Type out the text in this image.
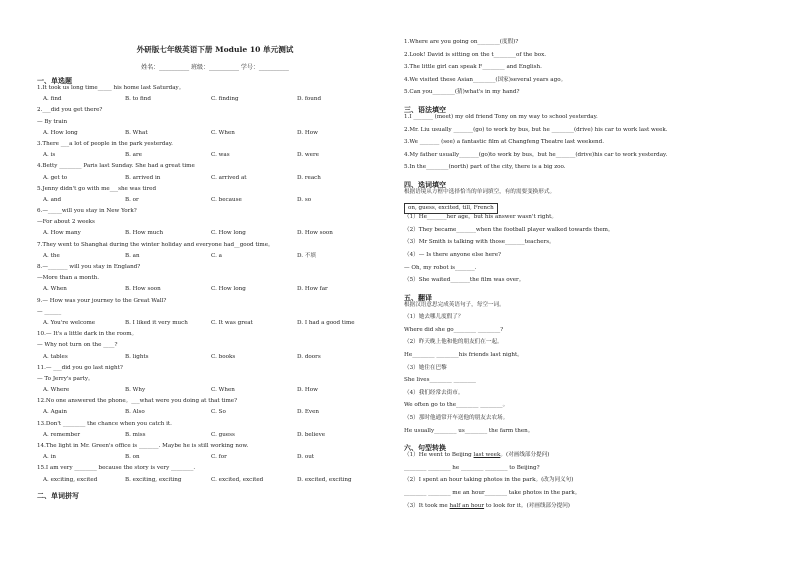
外研版七年级英语下册 Module 10 单元测试
姓名：__________ 班级：__________ 学号：__________
一、单选题
1.It took us long time_____ his home last Saturday。
A. find	B. to find	C. finding	D. found
2.___did you get there?
— By train
A. How long	B. What	C. When	D. How
3.There ___a lot of people in the park yesterday.
A. is	B. are	C. was	D. were
4.Betty ________ Paris last Sunday. She had a great time
A. get to	B. arrived in	C. arrived at	D. reach
5.Jenny didn't go with me___she was tired
A. and	B. or	C. because	D. so
6.—_____will you stay in New York?
—For about 2 weeks
A. How many	B. How much	C. How long	D. How soon
7.They went to Shanghai during the winter holiday and everyone had__good time。
A. the	B. an	C. a	D. 不填
8.—_______ will you stay in England?
—More than a month.
A. When	B. How soon	C. How long	D. How far
9.— How was your journey to the Great Wall?
— ______
A. You're welcome	B. I liked it very much	C. It was great	D. I had a good time
10.— It's a little dark in the room。
— Why not turn on the ____?
A. tables	B. lights	C. books	D. doors
11.— ___did you go last night?
— To Jerry's party。
A. Where	B. Why	C. When	D. How
12.No one answered the phone。___what were you doing at that time?
A. Again	B. Also	C. So	D. Even
13.Don't ________ the chance when you catch it.
A. remember	B. miss	C. guess	D. believe
14.The light in Mr. Green's office is _______. Maybe he is still working now.
A. in	B. on	C. for	D. out
15.I am very ________ because the story is very ________.
A. exciting, excited	B. exciting, exciting	C. excited, excited	D. excited, exciting
二、单词拼写
1.Where are you going on________(度假)?
2.Look! David is sitting on the t________of the box.
3.The little girl can speak F________ and English.
4.We visited these Asian________(国家)several years ago。
5.Can you________(猜)what's in my hand?
三、语法填空
1.I _______ (meet) my old friend Tony on my way to school yesterday.
2.Mr. Liu usually _______(go) to work by bus, but he ________(drive) his car to work last week.
3.We _______ (see) a fantastic film at Changfeng Theatre last weekend.
4.My father usually_______(go)to work by bus，but he_______(drive)his car to work yesterday.
5.In the________(north) part of the city, there is a big zoo.
四、选词填空
根据语境从方框中选择恰当的单词填空，有的需要变换形式。
on, guess, excited, till, French
（1）He_______her age，but his answer wasn't right。
（2）They became_______when the football player walked towards them。
（3）Mr Smith is talking with those_______teachers。
（4）— Is there anyone else here?
— Oh, my robot is_______.
（5）She waited_______the film was over。
五、翻译
根据汉语意思完成英语句子，每空一词。
（1）她去哪儿度假了？
Where did she go________ ________?
（2）昨天晚上他和他的朋友们在一起。
He________ ________his friends last night。
（3）她住在巴黎
She lives________ ________
（4）我们经常去街市。
We often go to the________ ________。
（5）那时他通常开车送他的朋友去农场。
He usually________ us________ the farm then。
六、句型转换
（1）He went to Beijing last week。(对画线部分提问)
________ ________ he ________ ________ to Beijing?
（2）I spent an hour taking photos in the park。(改为同义句)
________ ________ me an hour________ take photos in the park。
（3）It took me half an hour to look for it。(对画线部分提问)
